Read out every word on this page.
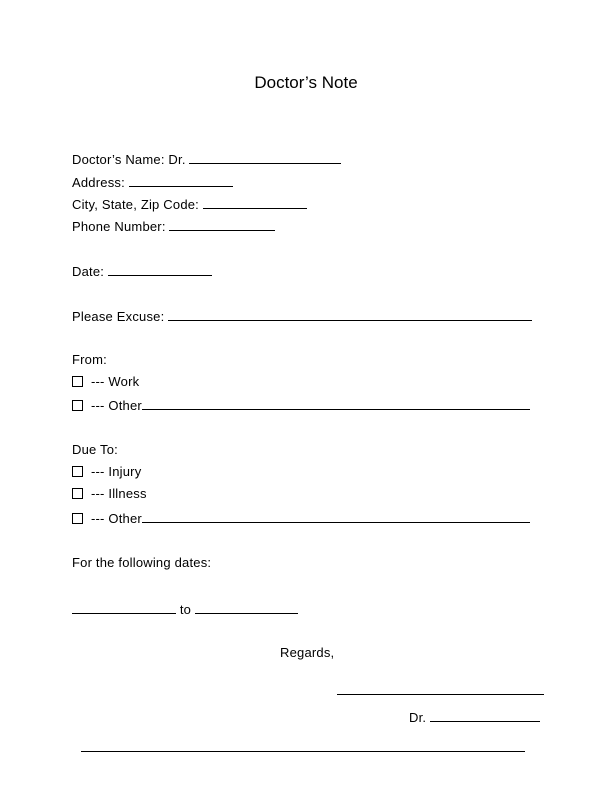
Doctor’s Note
Doctor’s Name: Dr.
Address:
City, State, Zip Code:
Phone Number:
Date:
Please Excuse:
From:
--- Work
--- Other
Due To:
--- Injury
--- Illness
--- Other
For the following dates:
to
Regards,
Dr.
